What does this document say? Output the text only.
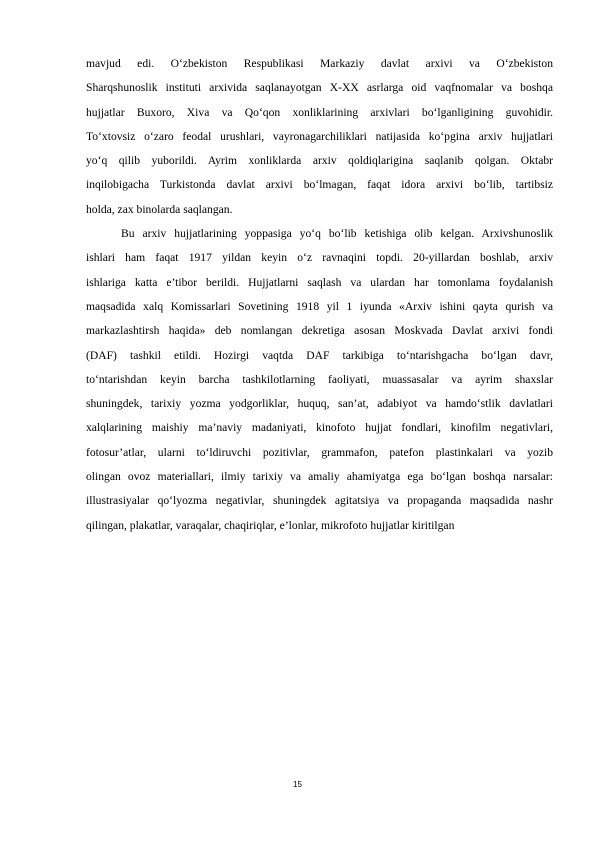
mavjud edi. O‘zbekiston Respublikasi Markaziy davlat arxivi va O‘zbekiston
Sharqshunoslik instituti arxivida saqlanayotgan X-XX asrlarga oid vaqfnomalar va boshqa
hujjatlar Buxoro, Xiva va Qo‘qon xonliklarining arxivlari bo‘lganligining guvohidir.
To‘xtovsiz o‘zaro feodal urushlari, vayronagarchiliklari natijasida ko‘pgina arxiv hujjatlari
yo‘q qilib yuborildi. Ayrim xonliklarda arxiv qoldiqlarigina saqlanib qolgan. Oktabr
inqilobigacha Turkistonda davlat arxivi bo‘lmagan, faqat idora arxivi bo‘lib, tartibsiz
holda, zax binolarda saqlangan.
Bu arxiv hujjatlarining yoppasiga yo‘q bo‘lib ketishiga olib kelgan. Arxivshunoslik
ishlari ham faqat 1917 yildan keyin o‘z ravnaqini topdi. 20-yillardan boshlab, arxiv
ishlariga katta e’tibor berildi. Hujjatlarni saqlash va ulardan har tomonlama foydalanish
maqsadida xalq Komissarlari Sovetining 1918 yil 1 iyunda «Arxiv ishini qayta qurish va
markazlashtirsh haqida» deb nomlangan dekretiga asosan Moskvada Davlat arxivi fondi
(DAF) tashkil etildi. Hozirgi vaqtda DAF tarkibiga to‘ntarishgacha bo‘lgan davr,
to‘ntarishdan keyin barcha tashkilotlarning faoliyati, muassasalar va ayrim shaxslar
shuningdek, tarixiy yozma yodgorliklar, huquq, san’at, adabiyot va hamdo‘stlik davlatlari
xalqlarining maishiy ma’naviy madaniyati, kinofoto hujjat fondlari, kinofilm negativlari,
fotosur’atlar, ularni to‘ldiruvchi pozitivlar, grammafon, patefon plastinkalari va yozib
olingan ovoz materiallari, ilmiy tarixiy va amaliy ahamiyatga ega bo‘lgan boshqa narsalar:
illustrasiyalar qo‘lyozma negativlar, shuningdek agitatsiya va propaganda maqsadida nashr
qilingan, plakatlar, varaqalar, chaqiriqlar, e’lonlar, mikrofoto hujjatlar kiritilgan
15
